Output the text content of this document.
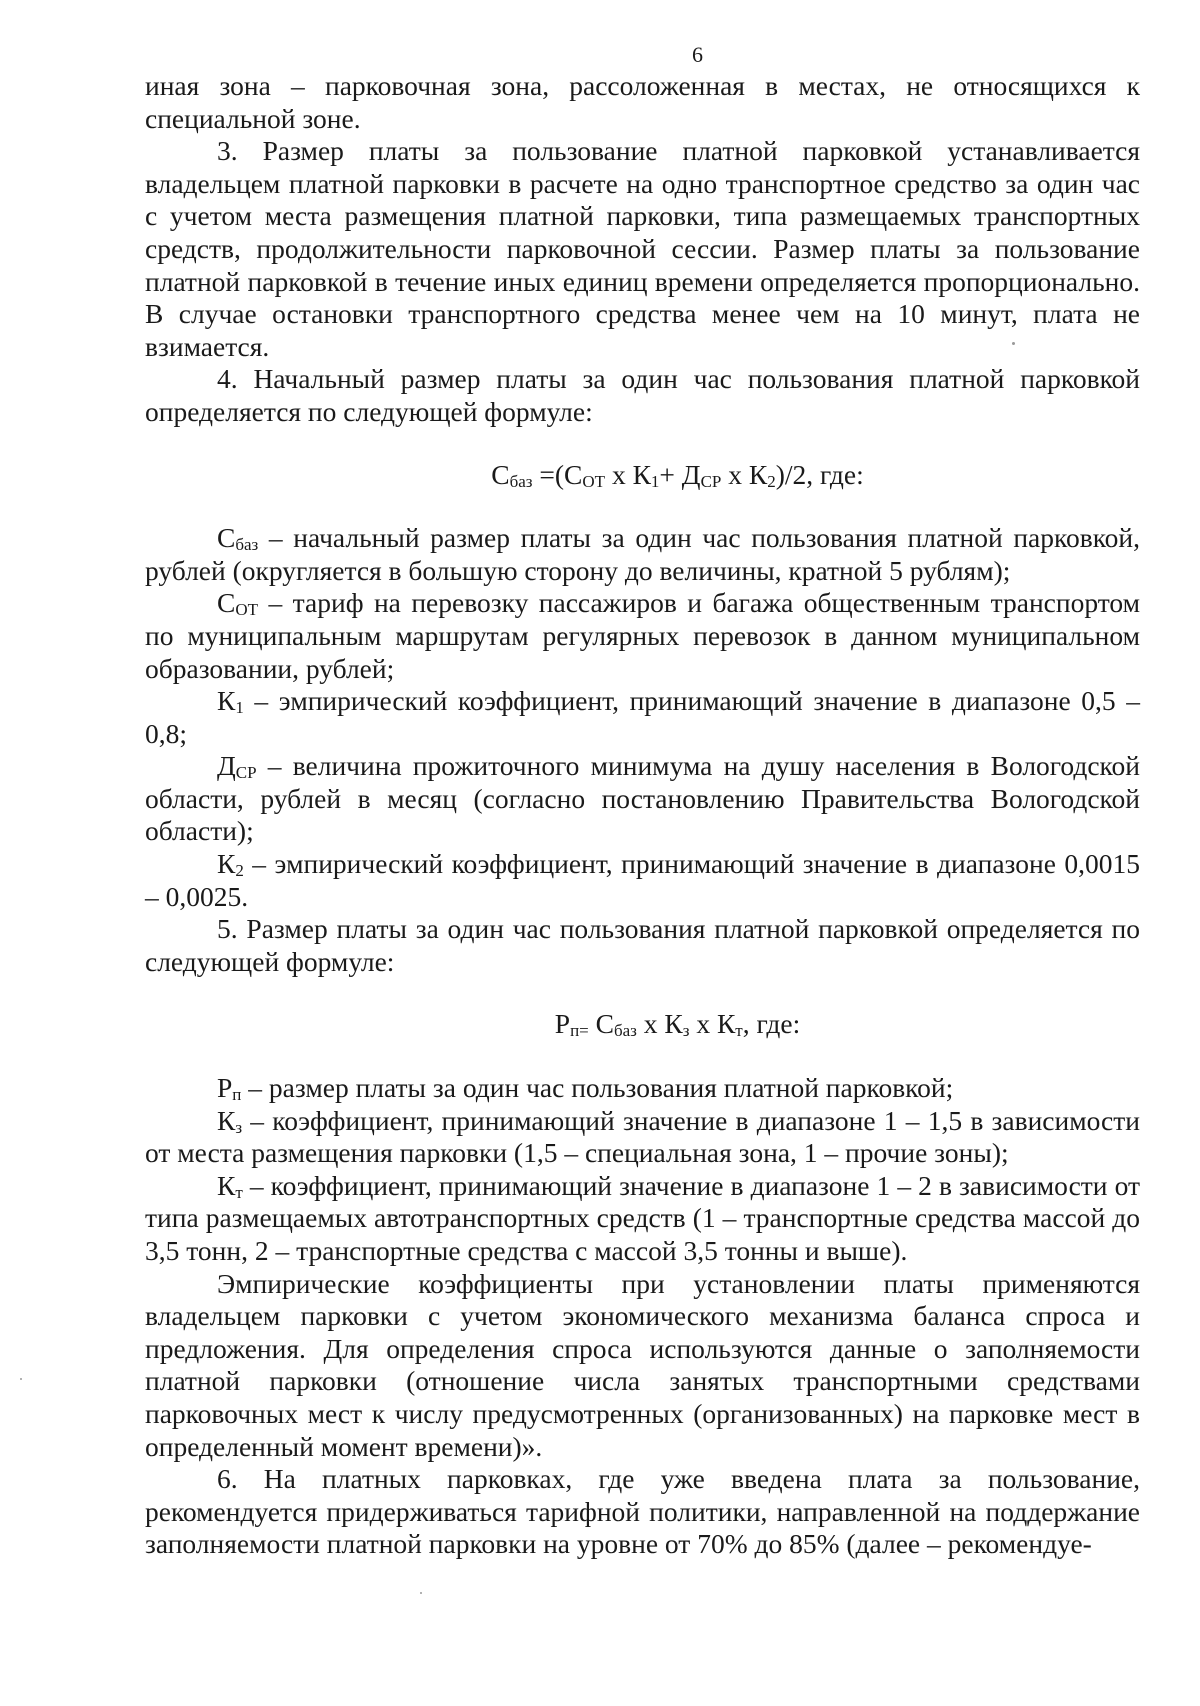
6

иная зона – парковочная зона, рассоложенная в местах, не относящихся к специальной зоне.

3. Размер платы за пользование платной парковкой устанавливается владельцем платной парковки в расчете на одно транспортное средство за один час с учетом места размещения платной парковки, типа размещаемых транспортных средств, продолжительности парковочной сессии. Размер платы за пользование платной парковкой в течение иных единиц времени определяется пропорционально. В случае остановки транспортного средства менее чем на 10 минут, плата не взимается.

4. Начальный размер платы за один час пользования платной парковкой определяется по следующей формуле:

Сбаз =(СОТ х К1+ ДСР х К2)/2, где:

Сбаз – начальный размер платы за один час пользования платной парковкой, рублей (округляется в большую сторону до величины, кратной 5 рублям);

СОТ – тариф на перевозку пассажиров и багажа общественным транспортом по муниципальным маршрутам регулярных перевозок в данном муниципальном образовании, рублей;

К1 – эмпирический коэффициент, принимающий значение в диапазоне 0,5 – 0,8;

ДСР – величина прожиточного минимума на душу населения в Вологодской области, рублей в месяц (согласно постановлению Правительства Вологодской области);

К2 – эмпирический коэффициент, принимающий значение в диапазоне 0,0015 – 0,0025.

5. Размер платы за один час пользования платной парковкой определяется по следующей формуле:

Рп= Сбаз х Кз х Кт, где:

Рп – размер платы за один час пользования платной парковкой;

Кз – коэффициент, принимающий значение в диапазоне 1 – 1,5 в зависимости от места размещения парковки (1,5 – специальная зона, 1 – прочие зоны);

Кт – коэффициент, принимающий значение в диапазоне 1 – 2 в зависимости от типа размещаемых автотранспортных средств (1 – транспортные средства массой до 3,5 тонн, 2 – транспортные средства с массой 3,5 тонны и выше).

Эмпирические коэффициенты при установлении платы применяются владельцем парковки с учетом экономического механизма баланса спроса и предложения. Для определения спроса используются данные о заполняемости платной парковки (отношение числа занятых транспортными средствами парковочных мест к числу предусмотренных (организованных) на парковке мест в определенный момент времени)».

6. На платных парковках, где уже введена плата за пользование, рекомендуется придерживаться тарифной политики, направленной на поддержание заполняемости платной парковки на уровне от 70% до 85% (далее – рекомендуе-
